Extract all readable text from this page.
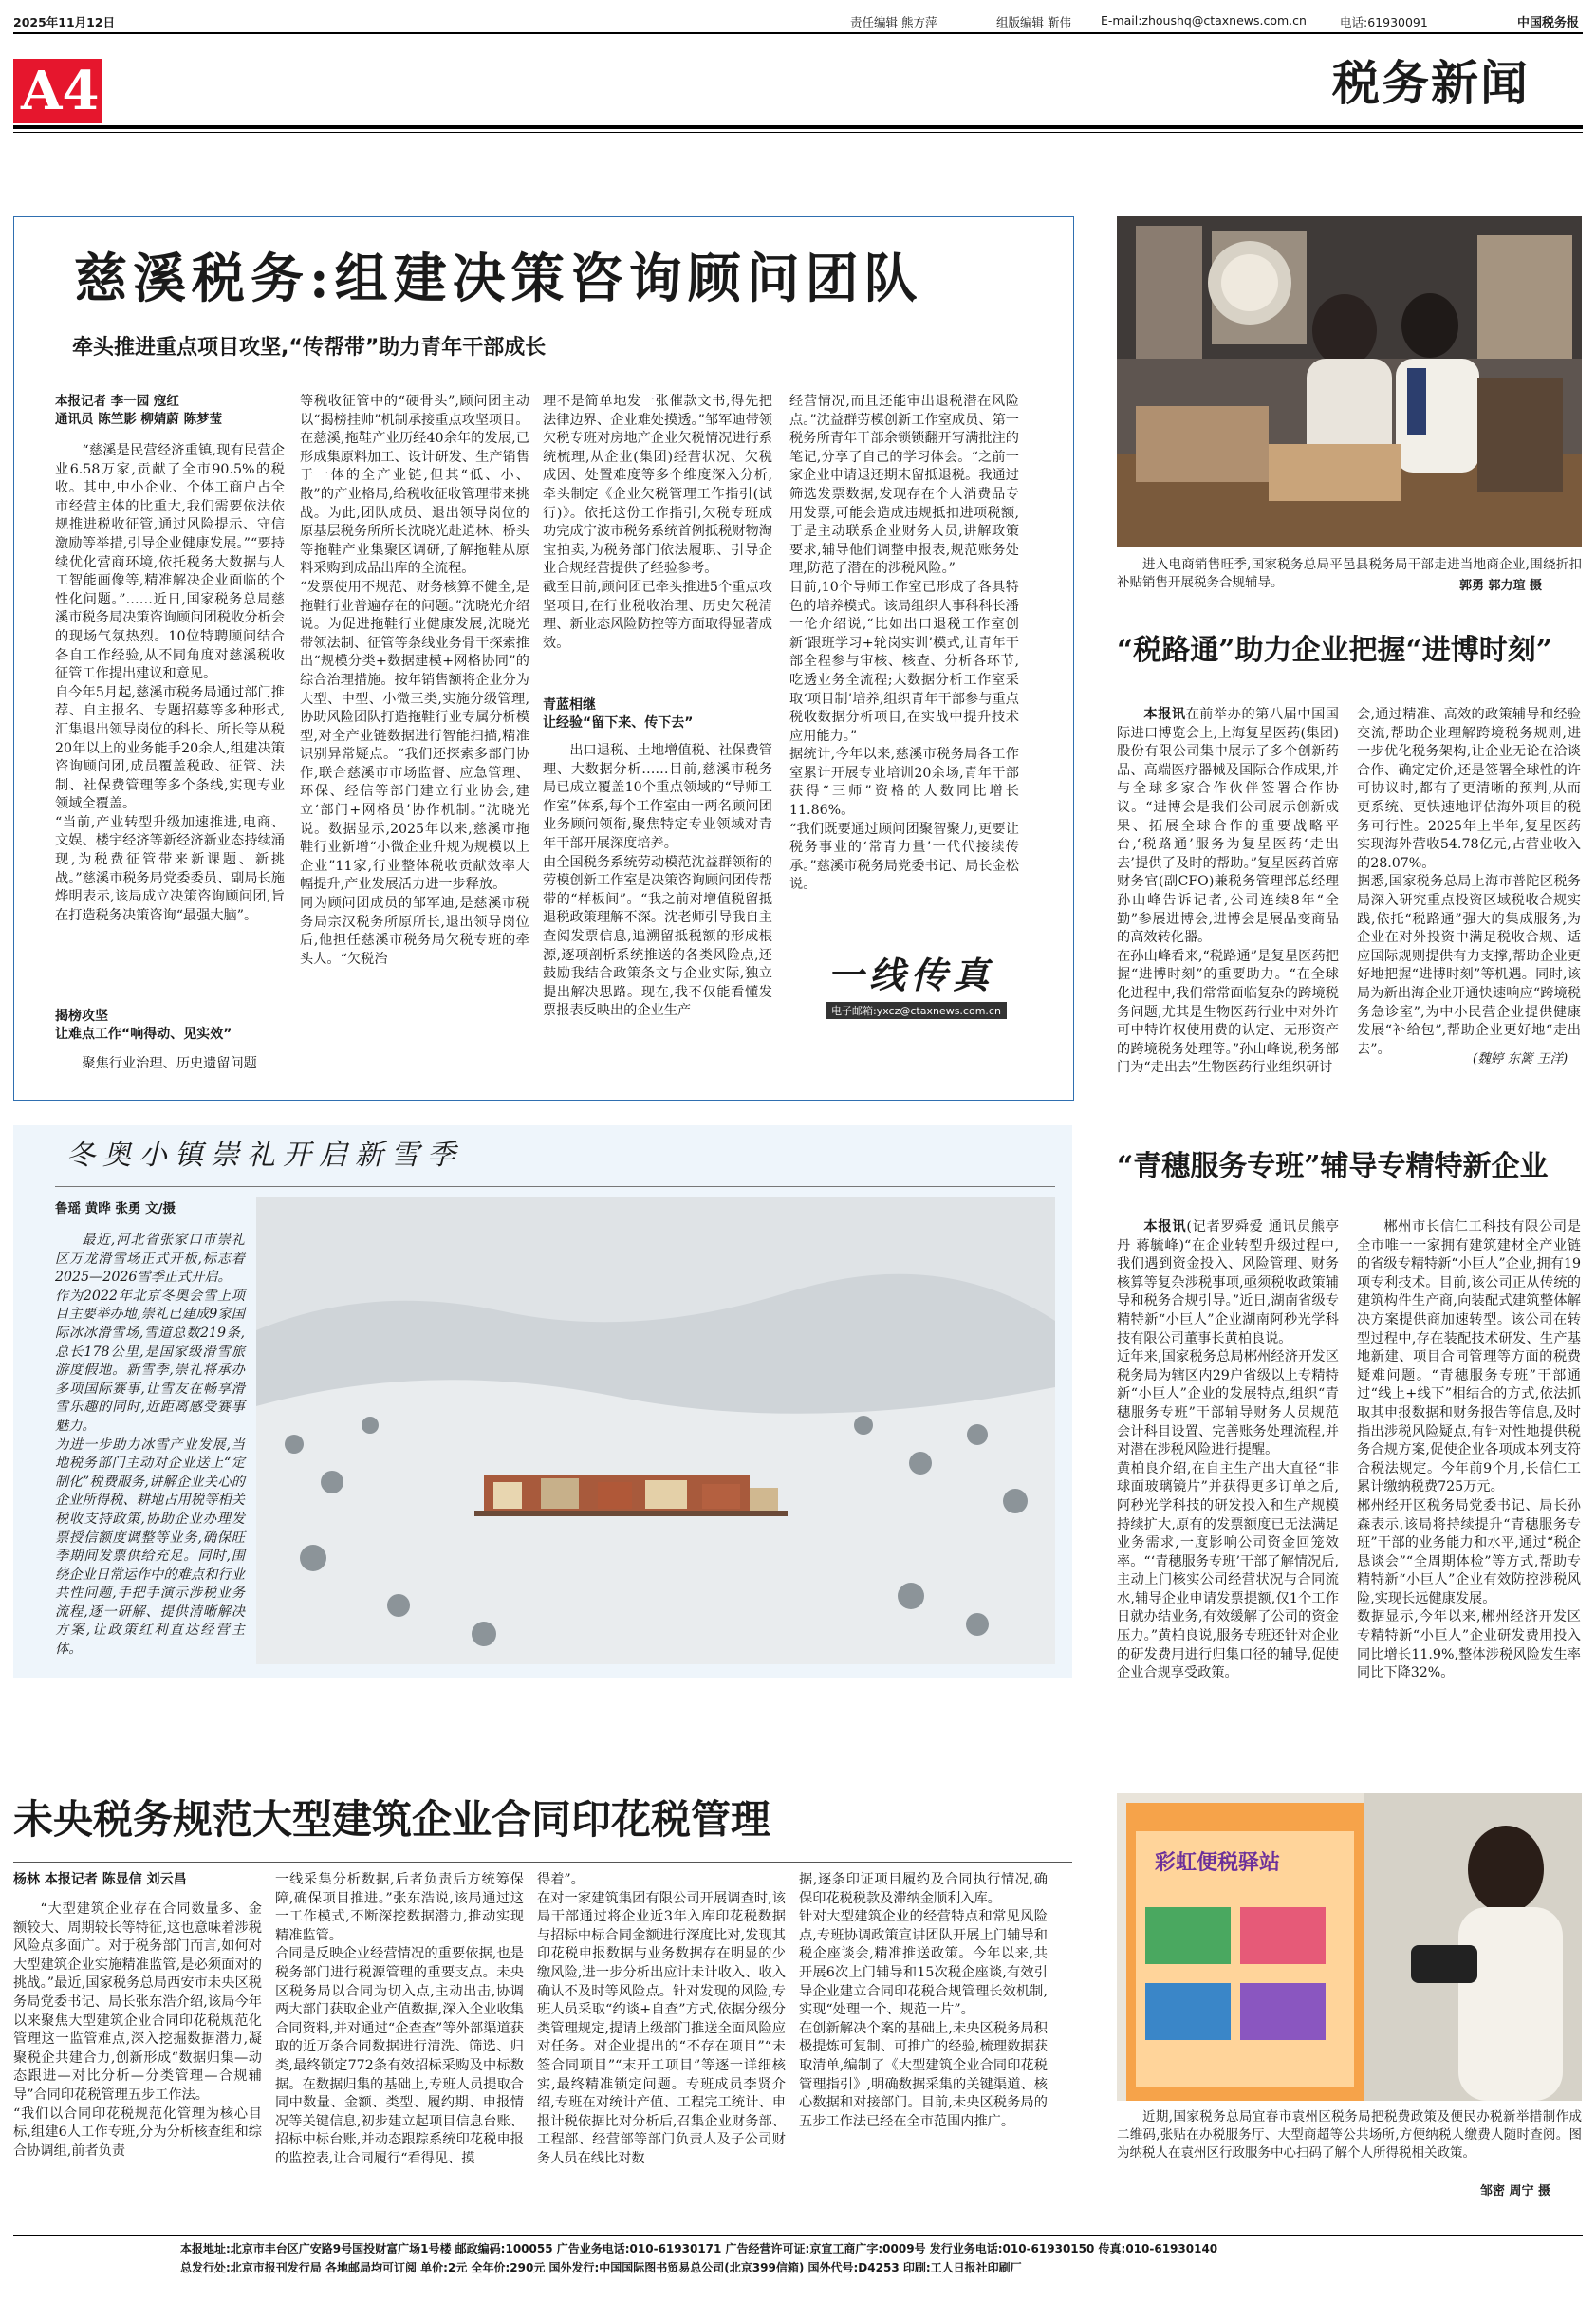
2025年11月12日	责任编辑 熊方萍	组版编辑 靳伟 E-mail:zhoushq@ctaxnews.com.cn	电话:61930091	中国税务报
A4	税务新闻
慈溪税务:组建决策咨询顾问团队
牵头推进重点项目攻坚,“传帮带”助力青年干部成长
本报记者 李一园 寇红
通讯员 陈竺影 柳婧蔚 陈梦莹
“慈溪是民营经济重镇,现有民营企业6.58万家,贡献了全市90.5%的税收。其中,中小企业、个体工商户占全市经营主体的比重大,我们需要依法依规推进税收征管,通过风险提示、守信激励等举措,引导企业健康发展。”“要持续优化营商环境,依托税务大数据与人工智能画像等,精准解决企业面临的个性化问题。”……近日,国家税务总局慈溪市税务局决策咨询顾问团税收分析会的现场气氛热烈。10位特聘顾问结合各自工作经验,从不同角度对慈溪税收征管工作提出建议和意见。
自今年5月起,慈溪市税务局通过部门推荐、自主报名、专题招募等多种形式,汇集退出领导岗位的科长、所长等从税20年以上的业务能手20余人,组建决策咨询顾问团,成员覆盖税政、征管、法制、社保费管理等多个条线,实现专业领域全覆盖。
“当前,产业转型升级加速推进,电商、文娱、楼宇经济等新经济新业态持续涌现,为税费征管带来新课题、新挑战。”慈溪市税务局党委委员、副局长施烨明表示,该局成立决策咨询顾问团,旨在打造税务决策咨询“最强大脑”。
揭榜攻坚
让难点工作“响得动、见实效”
聚焦行业治理、历史遗留问题
等税收征管中的“硬骨头”,顾问团主动以“揭榜挂帅”机制承接重点攻坚项目。
在慈溪,拖鞋产业历经40余年的发展,已形成集原料加工、设计研发、生产销售于一体的全产业链,但其“低、小、散”的产业格局,给税收征收管理带来挑战。为此,团队成员、退出领导岗位的原基层税务所所长沈晓光赴逍林、桥头等拖鞋产业集聚区调研,了解拖鞋从原料采购到成品出库的全流程。
“发票使用不规范、财务核算不健全,是拖鞋行业普遍存在的问题。”沈晓光介绍说。为促进拖鞋行业健康发展,沈晓光带领法制、征管等条线业务骨干探索推出“规模分类+数据建模+网格协同”的综合治理措施。按年销售额将企业分为大型、中型、小微三类,实施分级管理,协助风险团队打造拖鞋行业专属分析模型,对全产业链数据进行智能扫描,精准识别异常疑点。“我们还探索多部门协作,联合慈溪市市场监督、应急管理、环保、经信等部门建立行业协会,建立‘部门+网格员’协作机制。”沈晓光说。数据显示,2025年以来,慈溪市拖鞋行业新增“小微企业升规为规模以上企业”11家,行业整体税收贡献效率大幅提升,产业发展活力进一步释放。
同为顾问团成员的邹军迪,是慈溪市税务局宗汉税务所原所长,退出领导岗位后,他担任慈溪市税务局欠税专班的牵头人。“欠税治
理不是简单地发一张催款文书,得先把法律边界、企业难处摸透。”邹军迪带领欠税专班对房地产企业欠税情况进行系统梳理,从企业(集团)经营状况、欠税成因、处置难度等多个维度深入分析,牵头制定《企业欠税管理工作指引(试行)》。依托这份工作指引,欠税专班成功完成宁波市税务系统首例抵税财物淘宝拍卖,为税务部门依法履职、引导企业合规经营提供了经验参考。
截至目前,顾问团已牵头推进5个重点攻坚项目,在行业税收治理、历史欠税清理、新业态风险防控等方面取得显著成效。
青蓝相继
让经验“留下来、传下去”
出口退税、土地增值税、社保费管理、大数据分析……目前,慈溪市税务局已成立覆盖10个重点领域的“导师工作室”体系,每个工作室由一两名顾问团业务顾问领衔,聚焦特定专业领域对青年干部开展深度培养。
由全国税务系统劳动模范沈益群领衔的劳模创新工作室是决策咨询顾问团传帮带的“样板间”。“我之前对增值税留抵退税政策理解不深。沈老师引导我自主查阅发票信息,追溯留抵税额的形成根源,逐项剖析系统推送的各类风险点,还鼓励我结合政策条文与企业实际,独立提出解决思路。现在,我不仅能看懂发票报表反映出的企业生产
经营情况,而且还能审出退税潜在风险点。”沈益群劳模创新工作室成员、第一税务所青年干部余锁锁翻开写满批注的笔记,分享了自己的学习体会。“之前一家企业申请退还期末留抵退税。我通过筛选发票数据,发现存在个人消费品专用发票,可能会造成违规抵扣进项税额,于是主动联系企业财务人员,讲解政策要求,辅导他们调整申报表,规范账务处理,防范了潜在的涉税风险。”
目前,10个导师工作室已形成了各具特色的培养模式。该局组织人事科科长潘一伦介绍说,“比如出口退税工作室创新‘跟班学习+轮岗实训’模式,让青年干部全程参与审核、核查、分析各环节,吃透业务全流程;大数据分析工作室采取‘项目制’培养,组织青年干部参与重点税收数据分析项目,在实战中提升技术应用能力。”
据统计,今年以来,慈溪市税务局各工作室累计开展专业培训20余场,青年干部获得“三师”资格的人数同比增长11.86%。
“我们既要通过顾问团聚智聚力,更要让税务事业的‘常青力量’一代代接续传承。”慈溪市税务局党委书记、局长金松说。
一线传真
电子邮箱:yxcz@ctaxnews.com.cn
进入电商销售旺季,国家税务总局平邑县税务局干部走进当地商企业,围绕折扣补贴销售开展税务合规辅导。	郭勇 郭力瑄 摄
“税路通”助力企业把握“进博时刻”
本报讯在前举办的第八届中国国际进口博览会上,上海复星医药(集团)股份有限公司集中展示了多个创新药品、高端医疗器械及国际合作成果,并与全球多家合作伙伴签署合作协议。“进博会是我们公司展示创新成果、拓展全球合作的重要战略平台,‘税路通’服务为复星医药‘走出去’提供了及时的帮助。”复星医药首席财务官(副CFO)兼税务管理部总经理孙山峰告诉记者,公司连续8年“全勤”参展进博会,进博会是展品变商品的高效转化器。
在孙山峰看来,“税路通”是复星医药把握“进博时刻”的重要助力。“在全球化进程中,我们常常面临复杂的跨境税务问题,尤其是生物医药行业中对外许可中特许权使用费的认定、无形资产的跨境税务处理等。”孙山峰说,税务部门为“走出去”生物医药行业组织研讨
会,通过精准、高效的政策辅导和经验交流,帮助企业理解跨境税务规则,进一步优化税务架构,让企业无论在洽谈合作、确定定价,还是签署全球性的许可协议时,都有了更清晰的预判,从而更系统、更快速地评估海外项目的税务可行性。2025年上半年,复星医药实现海外营收54.78亿元,占营业收入的28.07%。
据悉,国家税务总局上海市普陀区税务局深入研究重点投资区域税收合规实践,依托“税路通”强大的集成服务,为企业在对外投资中满足税收合规、适应国际规则提供有力支撑,帮助企业更好地把握“进博时刻”等机遇。同时,该局为新出海企业开通快速响应“跨境税务急诊室”,为中小民营企业提供健康发展“补给包”,帮助企业更好地“走出去”。
(魏婷 东篱 王洋)
冬奥小镇崇礼开启新雪季
鲁瑶 黄晔 张勇 文/摄
最近,河北省张家口市崇礼区万龙滑雪场正式开板,标志着2025—2026雪季正式开启。
作为2022年北京冬奥会雪上项目主要举办地,崇礼已建成9家国际冰冰滑雪场,雪道总数219条,总长178公里,是国家级滑雪旅游度假地。新雪季,崇礼将承办多项国际赛事,让雪友在畅享滑雪乐趣的同时,近距离感受赛事魅力。
为进一步助力冰雪产业发展,当地税务部门主动对企业送上“定制化”税费服务,讲解企业关心的企业所得税、耕地占用税等相关税收支持政策,协助企业办理发票授信额度调整等业务,确保旺季期间发票供给充足。同时,围绕企业日常运作中的难点和行业共性问题,手把手演示涉税业务流程,逐一研解、提供清晰解决方案,让政策红利直达经营主体。
“青穗服务专班”辅导专精特新企业
本报讯(记者罗舜爱 通讯员熊亭丹 蒋毓峰)“在企业转型升级过程中,我们遇到资金投入、风险管理、财务核算等复杂涉税事项,亟须税收政策辅导和税务合规引导。”近日,湖南省级专精特新“小巨人”企业湖南阿秒光学科技有限公司董事长黄柏良说。
近年来,国家税务总局郴州经济开发区税务局为辖区内29户省级以上专精特新“小巨人”企业的发展特点,组织“青穗服务专班”干部辅导财务人员规范会计科目设置、完善账务处理流程,并对潜在涉税风险进行提醒。
黄柏良介绍,在自主生产出大直径“非球面玻璃镜片”并获得更多订单之后,阿秒光学科技的研发投入和生产规模持续扩大,原有的发票额度已无法满足业务需求,一度影响公司资金回笼效率。“‘青穗服务专班’干部了解情况后,主动上门核实公司经营状况与合同流水,辅导企业申请发票提额,仅1个工作日就办结业务,有效缓解了公司的资金压力。”黄柏良说,服务专班还针对企业的研发费用进行归集口径的辅导,促使企业合规享受政策。
郴州市长信仁工科技有限公司是全市唯一一家拥有建筑建材全产业链的省级专精特新“小巨人”企业,拥有19项专利技术。目前,该公司正从传统的建筑构件生产商,向装配式建筑整体解决方案提供商加速转型。该公司在转型过程中,存在装配技术研发、生产基地新建、项目合同管理等方面的税费疑难问题。“青穗服务专班”干部通过“线上+线下”相结合的方式,依法抓取其申报数据和财务报告等信息,及时指出涉税风险疑点,有针对性地提供税务合规方案,促使企业各项成本列支符合税法规定。今年前9个月,长信仁工累计缴纳税费725万元。
郴州经开区税务局党委书记、局长孙森表示,该局将持续提升“青穗服务专班”干部的业务能力和水平,通过“税企恳谈会”“全周期体检”等方式,帮助专精特新“小巨人”企业有效防控涉税风险,实现长远健康发展。
数据显示,今年以来,郴州经济开发区专精特新“小巨人”企业研发费用投入同比增长11.9%,整体涉税风险发生率同比下降32%。
未央税务规范大型建筑企业合同印花税管理
杨林 本报记者 陈显信 刘云昌
“大型建筑企业存在合同数量多、金额较大、周期较长等特征,这也意味着涉税风险点多面广。对于税务部门而言,如何对大型建筑企业实施精准监管,是必须面对的挑战。”最近,国家税务总局西安市未央区税务局党委书记、局长张东浩介绍,该局今年以来聚焦大型建筑企业合同印花税规范化管理这一监管难点,深入挖掘数据潜力,凝聚税企共建合力,创新形成“数据归集—动态跟进—对比分析—分类管理—合规辅导”合同印花税管理五步工作法。
“我们以合同印花税规范化管理为核心目标,组建6人工作专班,分为分析核查组和综合协调组,前者负责
一线采集分析数据,后者负责后方统筹保障,确保项目推进。”张东浩说,该局通过这一工作模式,不断深挖数据潜力,推动实现精准监管。
合同是反映企业经营情况的重要依据,也是税务部门进行税源管理的重要支点。未央区税务局以合同为切入点,主动出击,协调两大部门获取企业产值数据,深入企业收集合同资料,并对通过“企查查”等外部渠道获取的近万条合同数据进行清洗、筛选、归类,最终锁定772条有效招标采购及中标数据。在数据归集的基础上,专班人员提取合同中数量、金额、类型、履约期、申报情况等关键信息,初步建立起项目信息台账、招标中标台账,并动态跟踪系统印花税申报的监控表,让合同履行“看得见、摸
得着”。
在对一家建筑集团有限公司开展调查时,该局干部通过将企业近3年入库印花税数据与招标中标合同金额进行深度比对,发现其印花税申报数据与业务数据存在明显的少缴风险,进一步分析出应计未计收入、收入确认不及时等风险点。针对发现的风险,专班人员采取“约谈+自查”方式,依据分级分类管理规定,提请上级部门推送全面风险应对任务。对企业提出的“不存在项目”“未签合同项目”“末开工项目”等逐一详细核实,最终精准锁定问题。专班成员李贤介绍,专班在对统计产值、工程完工统计、申报计税依据比对分析后,召集企业财务部、工程部、经营部等部门负责人及子公司财务人员在线比对数
据,逐条印证项目履约及合同执行情况,确保印花税税款及滞纳金顺利入库。
针对大型建筑企业的经营特点和常见风险点,专班协调政策宣讲团队开展上门辅导和税企座谈会,精准推送政策。今年以来,共开展6次上门辅导和15次税企座谈,有效引导企业建立合同印花税合规管理长效机制,实现“处理一个、规范一片”。
在创新解决个案的基础上,未央区税务局积极提炼可复制、可推广的经验,梳理数据获取清单,编制了《大型建筑企业合同印花税管理指引》,明确数据采集的关键渠道、核心数据和对接部门。目前,未央区税务局的五步工作法已经在全市范围内推广。
彩虹便税驿站
近期,国家税务总局宜春市袁州区税务局把税费政策及便民办税新举措制作成二维码,张贴在办税服务厅、大型商超等公共场所,方便纳税人缴费人随时查阅。图为纳税人在袁州区行政服务中心扫码了解个人所得税相关政策。
邹密 周宁 摄
本报地址:北京市丰台区广安路9号国投财富广场1号楼 邮政编码:100055 广告业务电话:010-61930171 广告经营许可证:京宣工商广字:0009号 发行业务电话:010-61930150 传真:010-61930140
总发行处:北京市报刊发行局 各地邮局均可订阅 单价:2元 全年价:290元 国外发行:中国国际图书贸易总公司(北京399信箱) 国外代号:D4253 印刷:工人日报社印刷厂
